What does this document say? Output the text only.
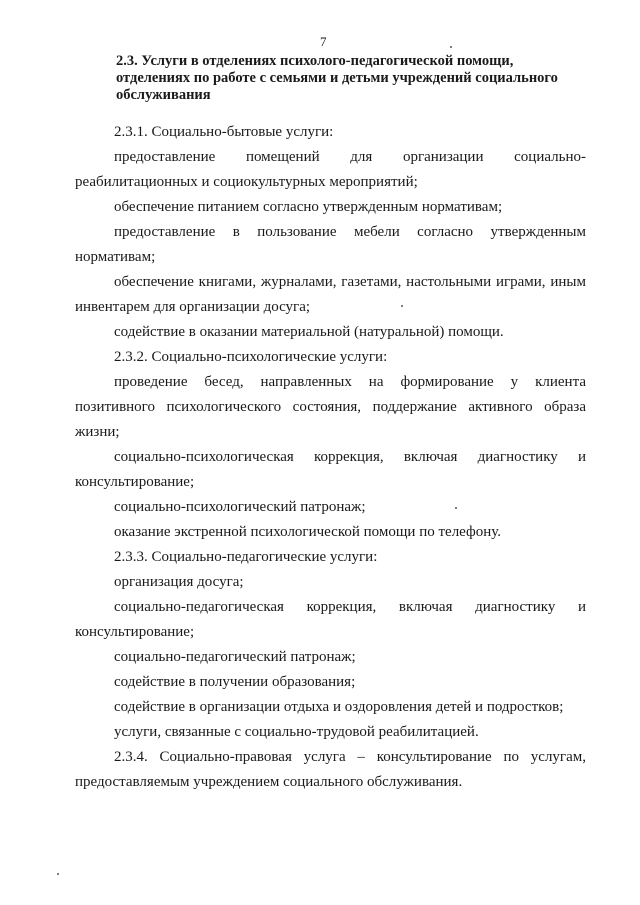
7
2.3. Услуги в отделениях психолого-педагогической помощи, отделениях по работе с семьями и детьми учреждений социального обслуживания
2.3.1. Социально-бытовые услуги:
предоставление помещений для организации социально-
реабилитационных и социокультурных мероприятий;
обеспечение питанием согласно утвержденным нормативам;
предоставление в пользование мебели согласно утвержденным
нормативам;
обеспечение книгами, журналами, газетами, настольными играми, иным
инвентарем для организации досуга;
содействие в оказании материальной (натуральной) помощи.
2.3.2. Социально-психологические услуги:
проведение бесед, направленных на формирование у клиента
позитивного психологического состояния, поддержание активного образа
жизни;
социально-психологическая коррекция, включая диагностику и
консультирование;
социально-психологический патронаж;
оказание экстренной психологической помощи по телефону.
2.3.3. Социально-педагогические услуги:
организация досуга;
социально-педагогическая коррекция, включая диагностику и
консультирование;
социально-педагогический патронаж;
содействие в получении образования;
содействие в организации отдыха и оздоровления детей и подростков;
услуги, связанные с социально-трудовой реабилитацией.
2.3.4. Социально-правовая услуга – консультирование по услугам,
предоставляемым учреждением социального обслуживания.
